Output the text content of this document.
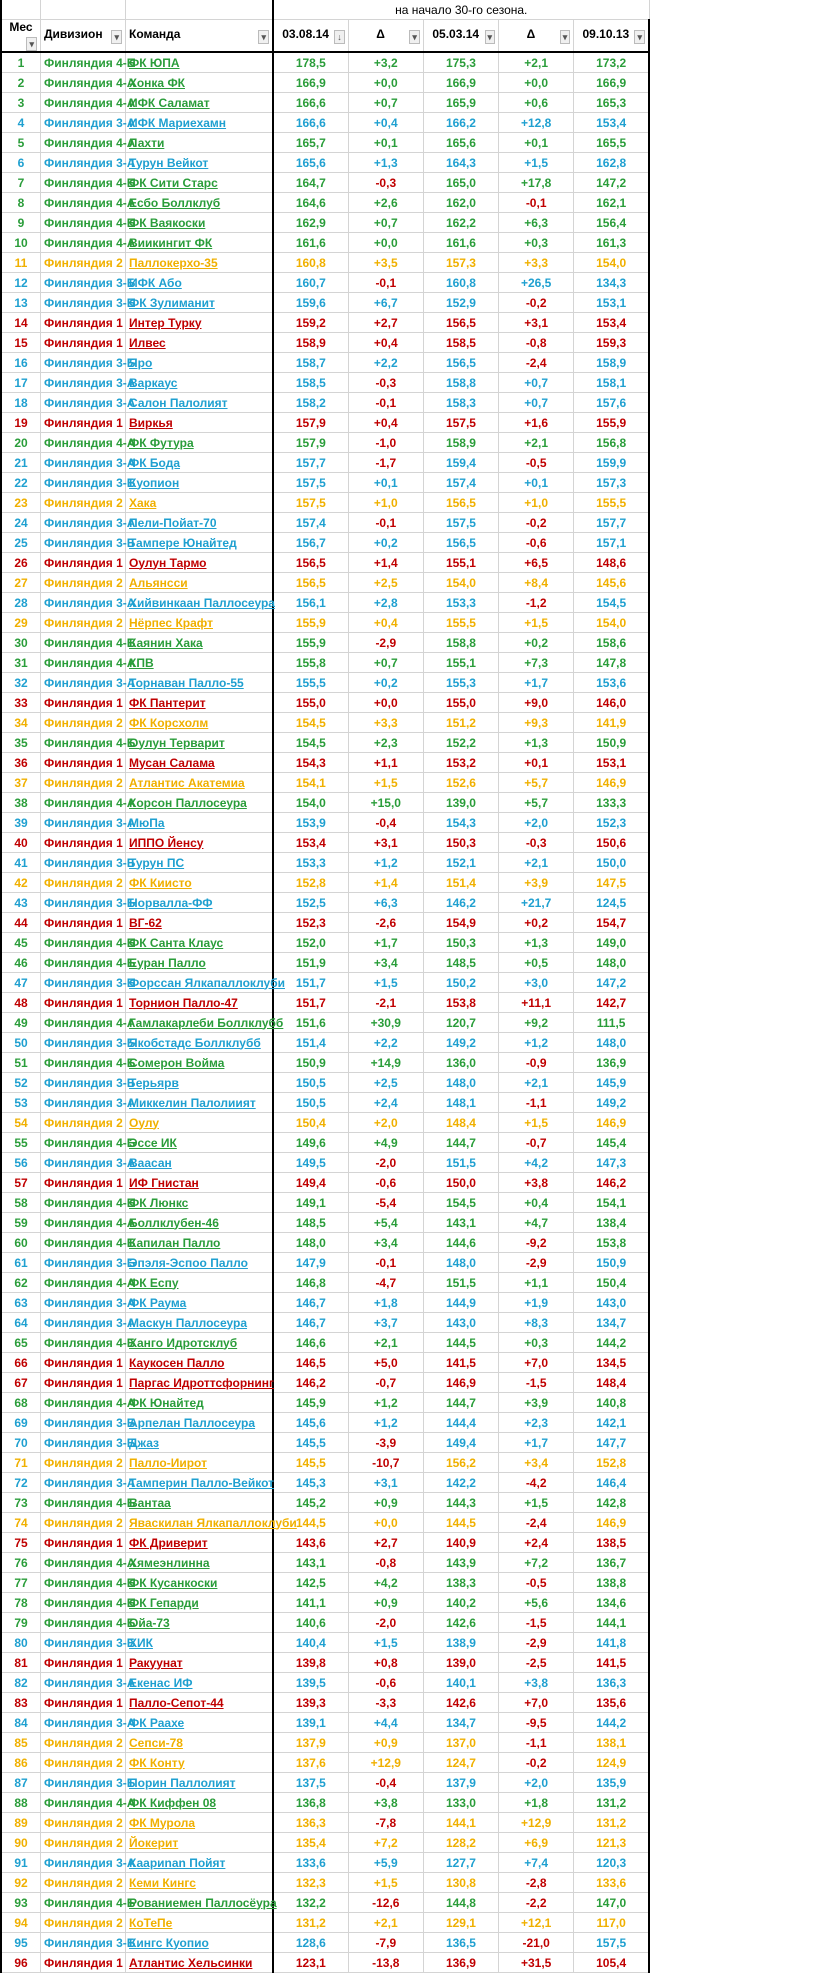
			на начало 30-го сезона.				
Мес
▾	Дивизион ▾	Команда ▾	03.08.14 ↓	Δ ▾	05.03.14 ▾	Δ ▾	09.10.13 ▾

1	Финляндия 4-Б	ФК ЮПА	178,5	+3,2	175,3	+2,1	173,2
2	Финляндия 4-А	Хонка ФК	166,9	+0,0	166,9	+0,0	166,9
3	Финляндия 4-А	ИФК Саламат	166,6	+0,7	165,9	+0,6	165,3
4	Финляндия 3-А	ИФК Мариехамн	166,6	+0,4	166,2	+12,8	153,4
5	Финляндия 4-А	Лахти	165,7	+0,1	165,6	+0,1	165,5
6	Финляндия 3-А	Турун Вейкот	165,6	+1,3	164,3	+1,5	162,8
7	Финляндия 4-Б	ФК Сити Старс	164,7	-0,3	165,0	+17,8	147,2
8	Финляндия 4-А	Есбо Боллклуб	164,6	+2,6	162,0	-0,1	162,1
9	Финляндия 4-Б	ФК Ваякоски	162,9	+0,7	162,2	+6,3	156,4
10	Финляндия 4-А	Виикингит ФК	161,6	+0,0	161,6	+0,3	161,3
11	Финляндия 2	Паллокерхо-35	160,8	+3,5	157,3	+3,3	154,0
12	Финляндия 3-Б	ИФК Або	160,7	-0,1	160,8	+26,5	134,3
13	Финляндия 3-Б	ФК Зулиманит	159,6	+6,7	152,9	-0,2	153,1
14	Финляндия 1	Интер Турку	159,2	+2,7	156,5	+3,1	153,4
15	Финляндия 1	Илвес	158,9	+0,4	158,5	-0,8	159,3
16	Финляндия 3-Б	Яро	158,7	+2,2	156,5	-2,4	158,9
17	Финляндия 3-А	Варкаус	158,5	-0,3	158,8	+0,7	158,1
18	Финляндия 3-А	Салон Палолият	158,2	-0,1	158,3	+0,7	157,6
19	Финляндия 1	Виркья	157,9	+0,4	157,5	+1,6	155,9
20	Финляндия 4-А	ФК Футура	157,9	-1,0	158,9	+2,1	156,8
21	Финляндия 3-А	ФК Бода	157,7	-1,7	159,4	-0,5	159,9
22	Финляндия 3-Б	Куопион	157,5	+0,1	157,4	+0,1	157,3
23	Финляндия 2	Хака	157,5	+1,0	156,5	+1,0	155,5
24	Финляндия 3-А	Пели-Пойат-70	157,4	-0,1	157,5	-0,2	157,7
25	Финляндия 3-Б	Тампере Юнайтед	156,7	+0,2	156,5	-0,6	157,1
26	Финляндия 1	Оулун Тармо	156,5	+1,4	155,1	+6,5	148,6
27	Финляндия 2	Альянсси	156,5	+2,5	154,0	+8,4	145,6
28	Финляндия 3-А	Хийвинкаан Паллосеура	156,1	+2,8	153,3	-1,2	154,5
29	Финляндия 2	Нёрпес Крафт	155,9	+0,4	155,5	+1,5	154,0
30	Финляндия 4-Б	Каянин Хака	155,9	-2,9	158,8	+0,2	158,6
31	Финляндия 4-А	КПВ	155,8	+0,7	155,1	+7,3	147,8
32	Финляндия 3-А	Торнаван Палло-55	155,5	+0,2	155,3	+1,7	153,6
33	Финляндия 1	ФК Пантерит	155,0	+0,0	155,0	+9,0	146,0
34	Финляндия 2	ФК Корсхолм	154,5	+3,3	151,2	+9,3	141,9
35	Финляндия 4-Б	Оулун Терварит	154,5	+2,3	152,2	+1,3	150,9
36	Финляндия 1	Мусан Салама	154,3	+1,1	153,2	+0,1	153,1
37	Финляндия 2	Атлантис Акатемиа	154,1	+1,5	152,6	+5,7	146,9
38	Финляндия 4-А	Корсон Паллосеура	154,0	+15,0	139,0	+5,7	133,3
39	Финляндия 3-А	МюПа	153,9	-0,4	154,3	+2,0	152,3
40	Финляндия 1	ИППО Йенсу	153,4	+3,1	150,3	-0,3	150,6
41	Финляндия 3-Б	Турун ПС	153,3	+1,2	152,1	+2,1	150,0
42	Финляндия 2	ФК Киисто	152,8	+1,4	151,4	+3,9	147,5
43	Финляндия 3-Б	Норвалла-ФФ	152,5	+6,3	146,2	+21,7	124,5
44	Финляндия 1	ВГ-62	152,3	-2,6	154,9	+0,2	154,7
45	Финляндия 4-Б	ФК Санта Клаус	152,0	+1,7	150,3	+1,3	149,0
46	Финляндия 4-Б	Еуран Палло	151,9	+3,4	148,5	+0,5	148,0
47	Финляндия 3-Б	Форссан Ялкапаллоклуби	151,7	+1,5	150,2	+3,0	147,2
48	Финляндия 1	Торнион Палло-47	151,7	-2,1	153,8	+11,1	142,7
49	Финляндия 4-А	Гамлакарлеби Боллклубб	151,6	+30,9	120,7	+9,2	111,5
50	Финляндия 3-Б	Якобстадс Боллклубб	151,4	+2,2	149,2	+1,2	148,0
51	Финляндия 4-Б	Сомерон Войма	150,9	+14,9	136,0	-0,9	136,9
52	Финляндия 3-Б	Терьярв	150,5	+2,5	148,0	+2,1	145,9
53	Финляндия 3-А	Миккелин Палолиият	150,5	+2,4	148,1	-1,1	149,2
54	Финляндия 2	Оулу	150,4	+2,0	148,4	+1,5	146,9
55	Финляндия 4-Б	Эссе ИК	149,6	+4,9	144,7	-0,7	145,4
56	Финляндия 3-А	Ваасан	149,5	-2,0	151,5	+4,2	147,3
57	Финляндия 1	ИФ Гнистан	149,4	-0,6	150,0	+3,8	146,2
58	Финляндия 4-Б	ФК Люнкс	149,1	-5,4	154,5	+0,4	154,1
59	Финляндия 4-А	Боллклубен-46	148,5	+5,4	143,1	+4,7	138,4
60	Финляндия 4-Б	Капилан Палло	148,0	+3,4	144,6	-9,2	153,8
61	Финляндия 3-Б	Эпэля-Эспоо Палло	147,9	-0,1	148,0	-2,9	150,9
62	Финляндия 4-А	ФК Еспу	146,8	-4,7	151,5	+1,1	150,4
63	Финляндия 3-А	ФК Раума	146,7	+1,8	144,9	+1,9	143,0
64	Финляндия 3-А	Маскун Паллосеура	146,7	+3,7	143,0	+8,3	134,7
65	Финляндия 4-Б	Ханго Идротсклуб	146,6	+2,1	144,5	+0,3	144,2
66	Финляндия 1	Каукосен Палло	146,5	+5,0	141,5	+7,0	134,5
67	Финляндия 1	Паргас Идроттсфорнинг	146,2	-0,7	146,9	-1,5	148,4
68	Финляндия 4-А	ФК Юнайтед	145,9	+1,2	144,7	+3,9	140,8
69	Финляндия 3-Б	Арпелан Паллосеура	145,6	+1,2	144,4	+2,3	142,1
70	Финляндия 3-Б	Джаз	145,5	-3,9	149,4	+1,7	147,7
71	Финляндия 2	Палло-Иирот	145,5	-10,7	156,2	+3,4	152,8
72	Финляндия 3-А	Тамперин Палло-Вейкот	145,3	+3,1	142,2	-4,2	146,4
73	Финляндия 4-Б	Вантаа	145,2	+0,9	144,3	+1,5	142,8
74	Финляндия 2	Яваскилан Ялкапаллоклуби	144,5	+0,0	144,5	-2,4	146,9
75	Финляндия 1	ФК Дриверит	143,6	+2,7	140,9	+2,4	138,5
76	Финляндия 4-А	Хямеэнлинна	143,1	-0,8	143,9	+7,2	136,7
77	Финляндия 4-Б	ФК Кусанкоски	142,5	+4,2	138,3	-0,5	138,8
78	Финляндия 4-Б	ФК Гепарди	141,1	+0,9	140,2	+5,6	134,6
79	Финляндия 4-Б	Ойа-73	140,6	-2,0	142,6	-1,5	144,1
80	Финляндия 3-Б	ХИК	140,4	+1,5	138,9	-2,9	141,8
81	Финляндия 1	Ракуунат	139,8	+0,8	139,0	-2,5	141,5
82	Финляндия 3-А	Екенас ИФ	139,5	-0,6	140,1	+3,8	136,3
83	Финляндия 1	Палло-Сепот-44	139,3	-3,3	142,6	+7,0	135,6
84	Финляндия 3-А	ФК Раахе	139,1	+4,4	134,7	-9,5	144,2
85	Финляндия 2	Сепси-78	137,9	+0,9	137,0	-1,1	138,1
86	Финляндия 2	ФК Конту	137,6	+12,9	124,7	-0,2	124,9
87	Финляндия 3-Б	Порин Паллолият	137,5	-0,4	137,9	+2,0	135,9
88	Финляндия 4-А	ФК Киффен 08	136,8	+3,8	133,0	+1,8	131,2
89	Финляндия 2	ФК Мурола	136,3	-7,8	144,1	+12,9	131,2
90	Финляндия 2	Йокерит	135,4	+7,2	128,2	+6,9	121,3
91	Финляндия 3-А	Каариnan Пойят	133,6	+5,9	127,7	+7,4	120,3
92	Финляндия 2	Кеми Кингс	132,3	+1,5	130,8	-2,8	133,6
93	Финляндия 4-Б	Рованиемен Паллосёура	132,2	-12,6	144,8	-2,2	147,0
94	Финляндия 2	КоТеПе	131,2	+2,1	129,1	+12,1	117,0
95	Финляндия 3-Б	Кингс Куопио	128,6	-7,9	136,5	-21,0	157,5
96	Финляндия 1	Атлантис Хельсинки	123,1	-13,8	136,9	+31,5	105,4
